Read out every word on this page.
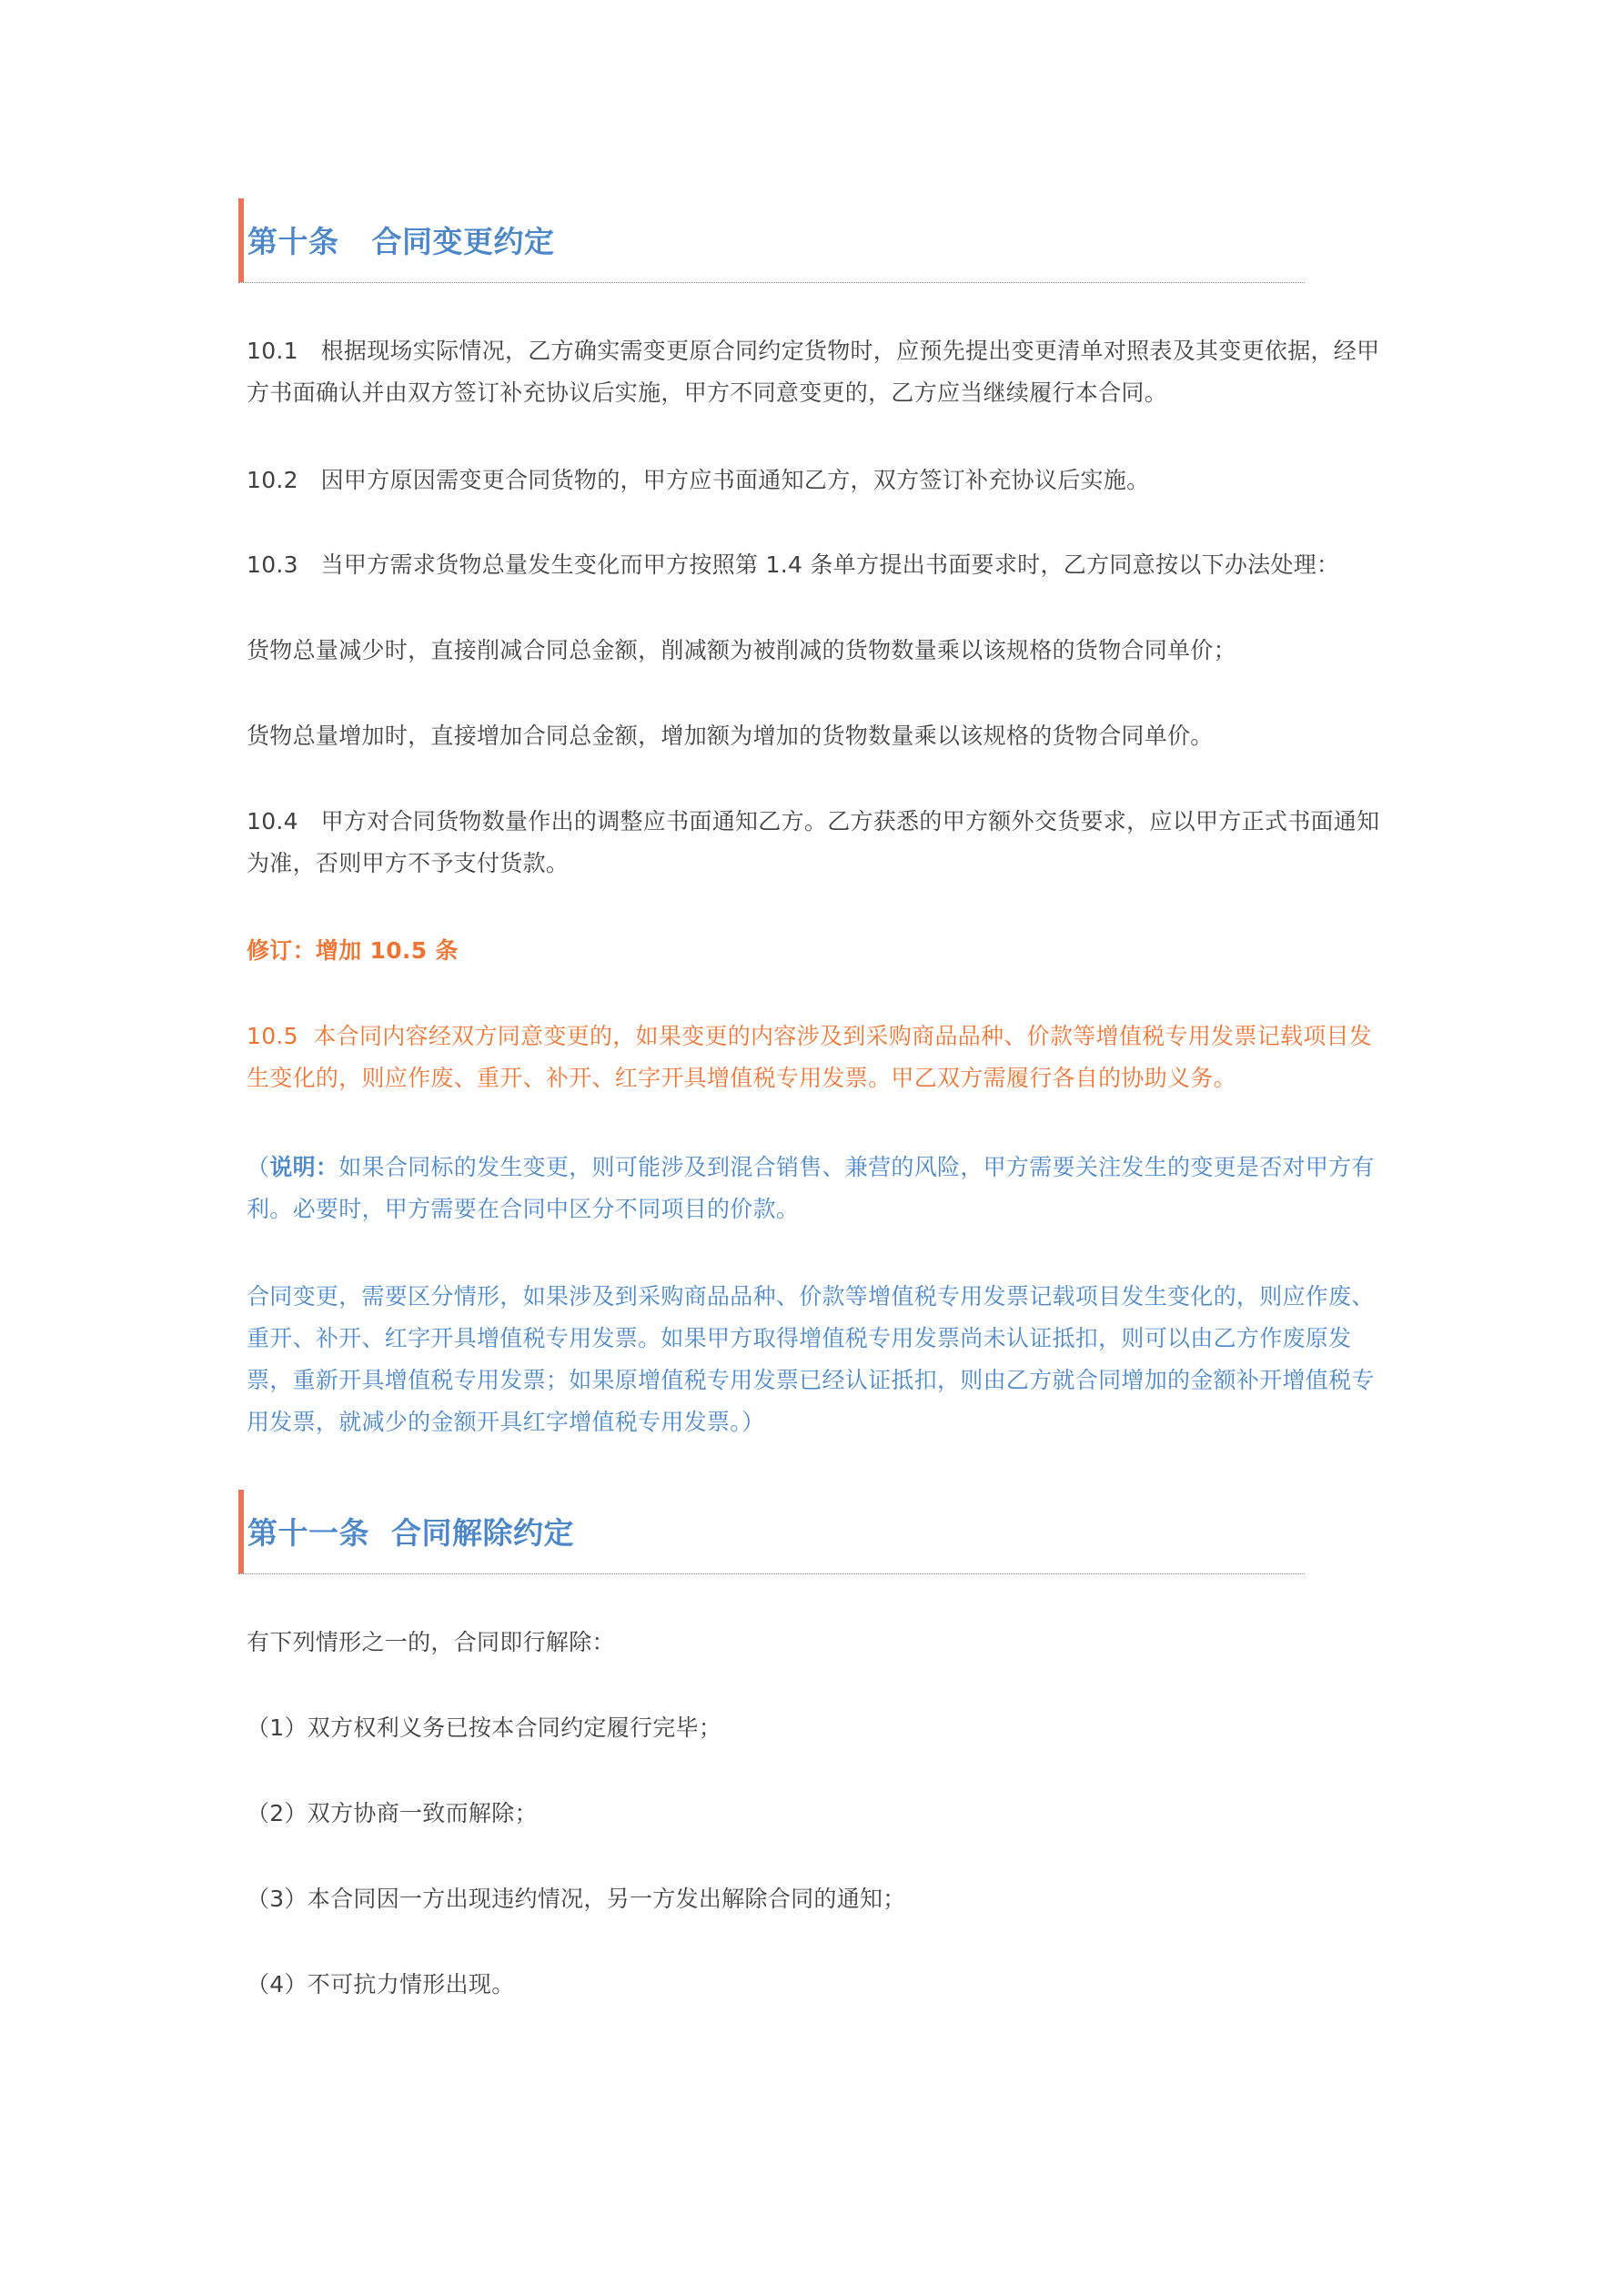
第十条   合同变更约定
10.1   根据现场实际情况，乙方确实需变更原合同约定货物时，应预先提出变更清单对照表及其变更依据，经甲方书面确认并由双方签订补充协议后实施，甲方不同意变更的，乙方应当继续履行本合同。
10.2   因甲方原因需变更合同货物的，甲方应书面通知乙方，双方签订补充协议后实施。
10.3   当甲方需求货物总量发生变化而甲方按照第 1.4 条单方提出书面要求时，乙方同意按以下办法处理：
货物总量减少时，直接削减合同总金额，削减额为被削减的货物数量乘以该规格的货物合同单价；
货物总量增加时，直接增加合同总金额，增加额为增加的货物数量乘以该规格的货物合同单价。
10.4   甲方对合同货物数量作出的调整应书面通知乙方。乙方获悉的甲方额外交货要求，应以甲方正式书面通知为准，否则甲方不予支付货款。
修订：增加 10.5 条
10.5  本合同内容经双方同意变更的，如果变更的内容涉及到采购商品品种、价款等增值税专用发票记载项目发生变化的，则应作废、重开、补开、红字开具增值税专用发票。甲乙双方需履行各自的协助义务。
（说明：如果合同标的发生变更，则可能涉及到混合销售、兼营的风险，甲方需要关注发生的变更是否对甲方有利。必要时，甲方需要在合同中区分不同项目的价款。
合同变更，需要区分情形，如果涉及到采购商品品种、价款等增值税专用发票记载项目发生变化的，则应作废、重开、补开、红字开具增值税专用发票。如果甲方取得增值税专用发票尚未认证抵扣，则可以由乙方作废原发票，重新开具增值税专用发票；如果原增值税专用发票已经认证抵扣，则由乙方就合同增加的金额补开增值税专用发票，就减少的金额开具红字增值税专用发票。）
第十一条  合同解除约定
有下列情形之一的，合同即行解除：
（1）双方权利义务已按本合同约定履行完毕；
（2）双方协商一致而解除；
（3）本合同因一方出现违约情况，另一方发出解除合同的通知；
（4）不可抗力情形出现。
